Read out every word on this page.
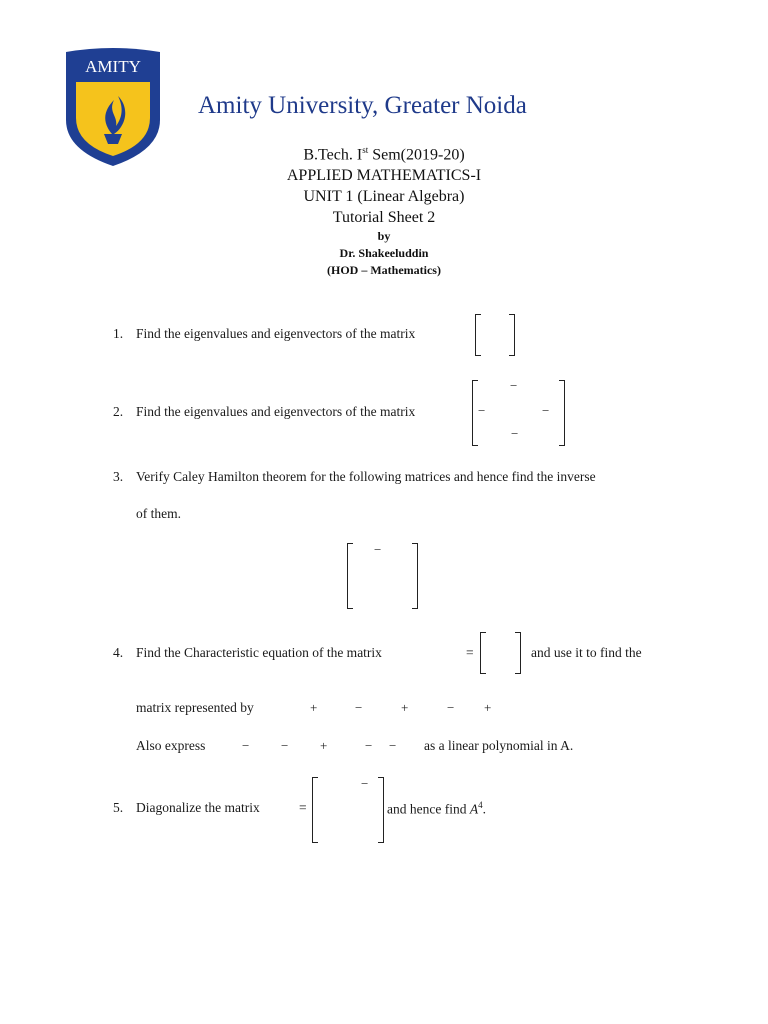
AMITY
Amity University, Greater Noida
B.Tech. Ist Sem(2019-20)
APPLIED MATHEMATICS-I
UNIT 1 (Linear Algebra)
Tutorial Sheet 2
by
Dr. Shakeeluddin
(HOD – Mathematics)
1. Find the eigenvalues and eigenvectors of the matrix
2. Find the eigenvalues and eigenvectors of the matrix
−
−	−
−
3. Verify Caley Hamilton theorem for the following matrices and hence find the inverse
of them.
−
4. Find the Characteristic equation of the matrix	=	and use it to find the
matrix represented by	+	−	+	− +
Also express	− − +	− − as a linear polynomial in A.
5. Diagonalize the matrix	=	and hence find $A^4$.
−
